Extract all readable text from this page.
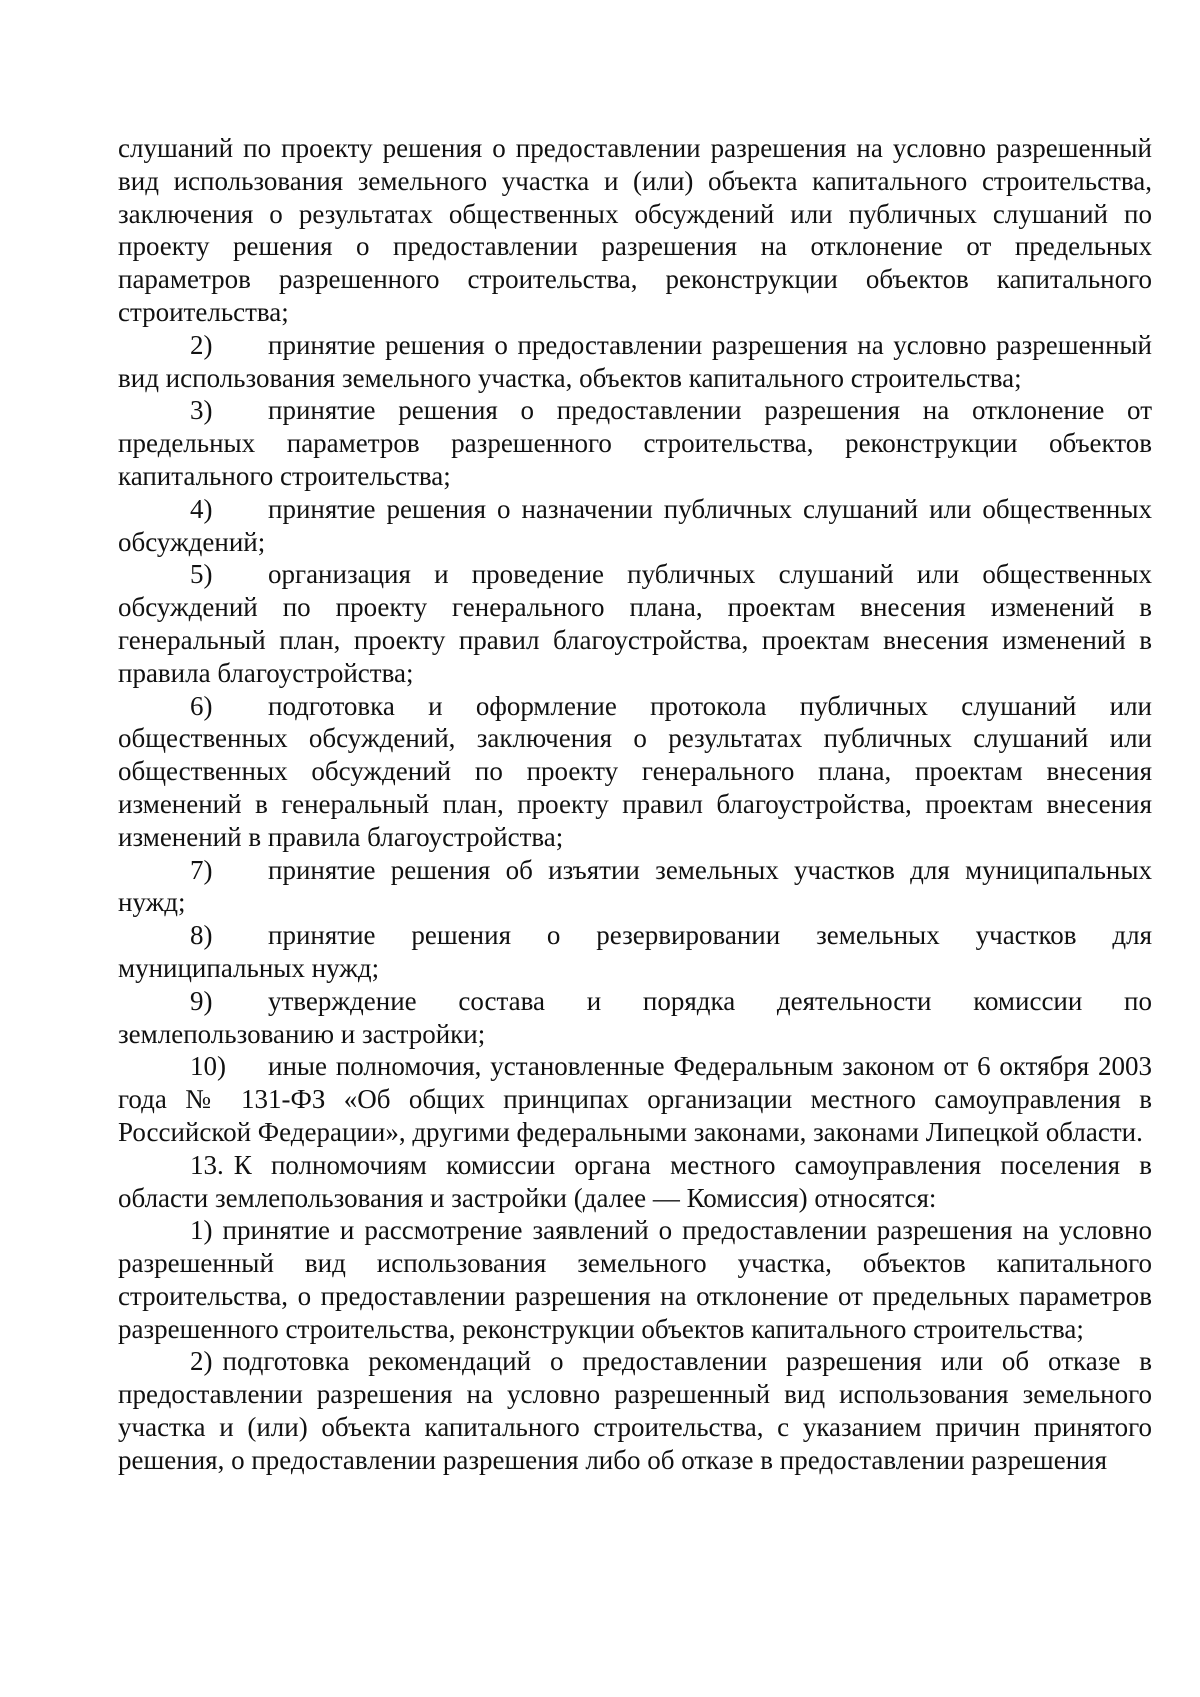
слушаний по проекту решения о предоставлении разрешения на условно разрешенный вид использования земельного участка и (или) объекта капитального строительства, заключения о результатах общественных обсуждений или публичных слушаний по проекту решения о предоставлении разрешения на отклонение от предельных параметров разрешенного строительства, реконструкции объектов капитального строительства;

2) принятие решения о предоставлении разрешения на условно разрешенный вид использования земельного участка, объектов капитального строительства;

3) принятие решения о предоставлении разрешения на отклонение от предельных параметров разрешенного строительства, реконструкции объектов капитального строительства;

4) принятие решения о назначении публичных слушаний или общественных обсуждений;

5) организация и проведение публичных слушаний или общественных обсуждений по проекту генерального плана, проектам внесения изменений в генеральный план, проекту правил благоустройства, проектам внесения изменений в правила благоустройства;

6) подготовка и оформление протокола публичных слушаний или общественных обсуждений, заключения о результатах публичных слушаний или общественных обсуждений по проекту генерального плана, проектам внесения изменений в генеральный план, проекту правил благоустройства, проектам внесения изменений в правила благоустройства;

7) принятие решения об изъятии земельных участков для муниципальных нужд;

8) принятие решения о резервировании земельных участков для муниципальных нужд;

9) утверждение состава и порядка деятельности комиссии по землепользованию и застройки;

10) иные полномочия, установленные Федеральным законом от 6 октября 2003 года № 131-ФЗ «Об общих принципах организации местного самоуправления в Российской Федерации», другими федеральными законами, законами Липецкой области.

13. К полномочиям комиссии органа местного самоуправления поселения в области землепользования и застройки (далее — Комиссия) относятся:

1) принятие и рассмотрение заявлений о предоставлении разрешения на условно разрешенный вид использования земельного участка, объектов капитального строительства, о предоставлении разрешения на отклонение от предельных параметров разрешенного строительства, реконструкции объектов капитального строительства;

2) подготовка рекомендаций о предоставлении разрешения или об отказе в предоставлении разрешения на условно разрешенный вид использования земельного участка и (или) объекта капитального строительства, с указанием причин принятого решения, о предоставлении разрешения либо об отказе в предоставлении разрешения
